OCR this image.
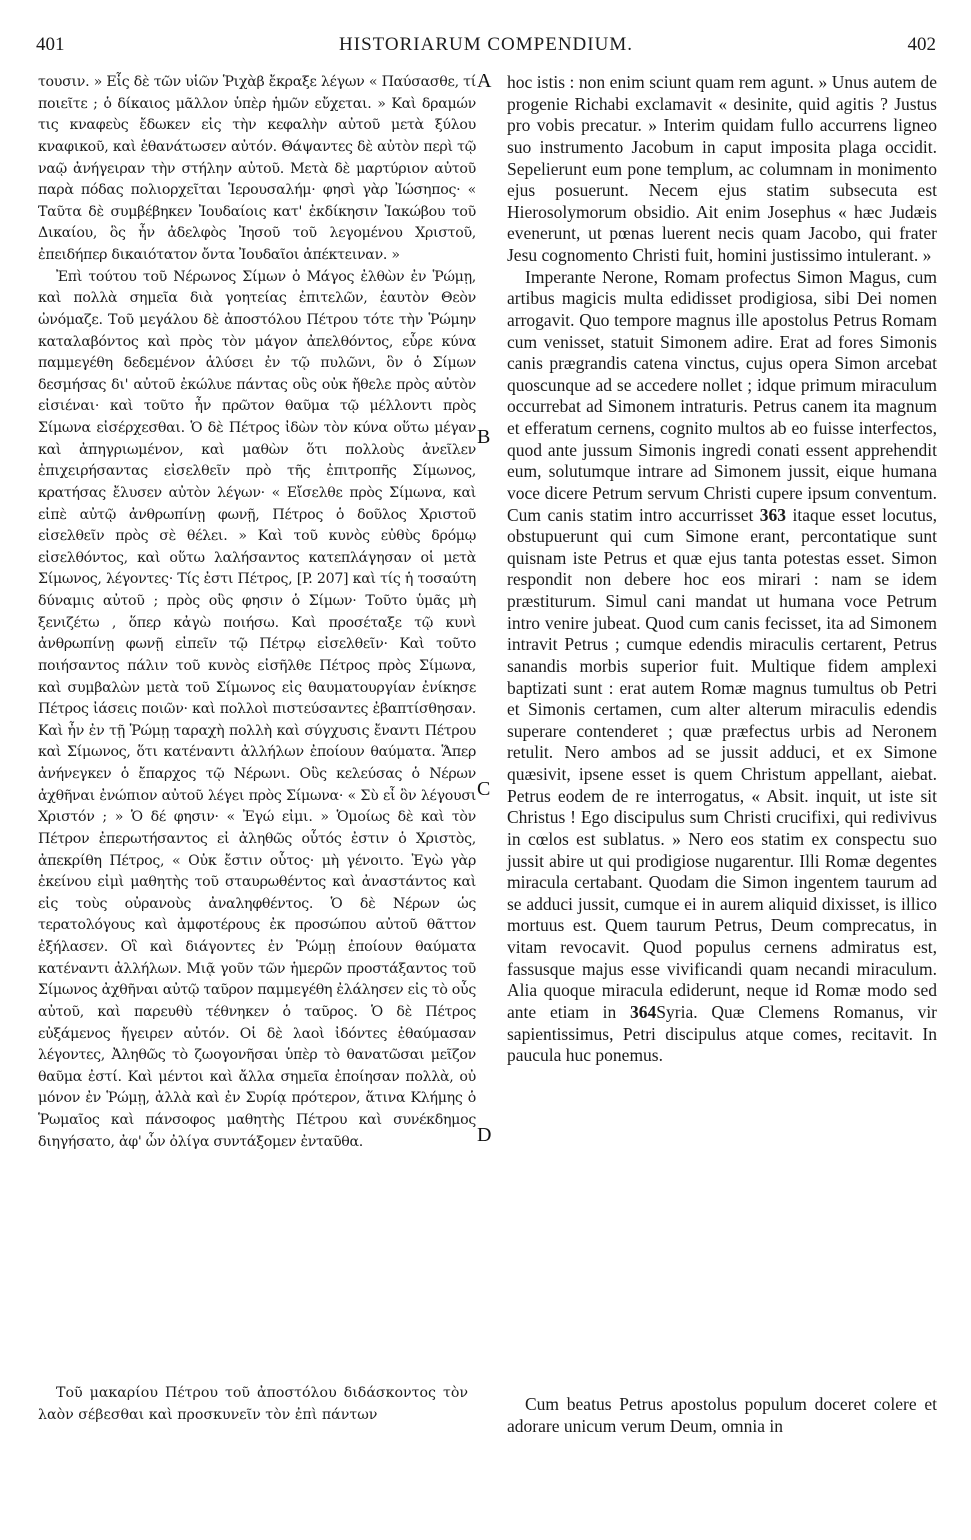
401	HISTORIARUM COMPENDIUM.	402
A
B
C
D

τουσιν. » Εἷς δὲ τῶν υἱῶν Ῥιχὰβ ἔκραξε λέγων « Παύσασθε, τί ποιεῖτε ; ὁ δίκαιος μᾶλλον ὑπὲρ ἡμῶν εὔχεται. » Καὶ δραμών τις κναφεὺς ἔδωκεν εἰς τὴν κεφαλὴν αὐτοῦ μετὰ ξύλου κναφικοῦ, καὶ ἐθανάτωσεν αὐτόν. Θάψαντες δὲ αὐτὸν περὶ τῷ ναῷ ἀνήγειραν τὴν στήλην αὐτοῦ. Μετὰ δὲ μαρτύριον αὐτοῦ παρὰ πόδας πολιορχεῖται Ἱερουσαλήμ· φησὶ γὰρ Ἰώσηπος· « Ταῦτα δὲ συμβέβηκεν Ἰουδαίοις κατ' ἐκδίκησιν Ἰακώβου τοῦ Δικαίου, ὃς ἦν ἀδελφὸς Ἰησοῦ τοῦ λεγομένου Χριστοῦ, ἐπειδήπερ δικαιότατον ὄντα Ἰουδαῖοι ἀπέκτειναν. »

Ἐπὶ τούτου τοῦ Νέρωνος Σίμων ὁ Μάγος ἐλθὼν ἐν Ῥώμῃ, καὶ πολλὰ σημεῖα διὰ γοητείας ἐπιτελῶν, ἑαυτὸν Θεὸν ὠνόμαζε. Τοῦ μεγάλου δὲ ἀποστόλου Πέτρου τότε τὴν Ῥώμην καταλαβόντος καὶ πρὸς τὸν μάγον ἀπελθόντος, εὗρε κύνα παμμεγέθη δεδεμένον ἁλύσει ἐν τῷ πυλῶνι, ὃν ὁ Σίμων δεσμήσας δι' αὐτοῦ ἐκώλυε πάντας οὓς οὐκ ἤθελε πρὸς αὐτὸν εἰσιέναι· καὶ τοῦτο ἦν πρῶτον θαῦμα τῷ μέλλοντι πρὸς Σίμωνα εἰσέρχεσθαι. Ὁ δὲ Πέτρος ἰδὼν τὸν κύνα οὕτω μέγαν καὶ ἀπηγριωμένον, καὶ μαθὼν ὅτι πολλοὺς ἀνεῖλεν ἐπιχειρήσαντας εἰσελθεῖν πρὸ τῆς ἐπιτροπῆς Σίμωνος, κρατήσας ἔλυσεν αὐτὸν λέγων· « Εἴσελθε πρὸς Σίμωνα, καὶ εἰπὲ αὐτῷ ἀνθρωπίνῃ φωνῇ, Πέτρος ὁ δοῦλος Χριστοῦ εἰσελθεῖν πρὸς σὲ θέλει. » Καὶ τοῦ κυνὸς εὐθὺς δρόμῳ εἰσελθόντος, καὶ οὕτω λαλήσαντος κατεπλάγησαν οἱ μετὰ Σίμωνος, λέγοντες· Τίς ἐστι Πέτρος, [P. 207] καὶ τίς ἡ τοσαύτη δύναμις αὐτοῦ ; πρὸς οὓς φησιν ὁ Σίμων· Τοῦτο ὑμᾶς μὴ ξενιζέτω , ὅπερ κἀγὼ ποιήσω. Καὶ προσέταξε τῷ κυνὶ ἀνθρωπίνῃ φωνῇ εἰπεῖν τῷ Πέτρῳ εἰσελθεῖν· Καὶ τοῦτο ποιήσαντος πάλιν τοῦ κυνὸς εἰσῆλθε Πέτρος πρὸς Σίμωνα, καὶ συμβαλὼν μετὰ τοῦ Σίμωνος εἰς θαυματουργίαν ἐνίκησε Πέτρος ἰάσεις ποιῶν· καὶ πολλοὶ πιστεύσαντες ἐβαπτίσθησαν. Καὶ ἦν ἐν τῇ Ῥώμῃ ταραχὴ πολλὴ καὶ σύγχυσις ἔναντι Πέτρου καὶ Σίμωνος, ὅτι κατέναντι ἀλλήλων ἐποίουν θαύματα. Ἅπερ ἀνήνεγκεν ὁ ἔπαρχος τῷ Νέρωνι. Οὓς κελεύσας ὁ Νέρων ἀχθῆναι ἐνώπιον αὐτοῦ λέγει πρὸς Σίμωνα· « Σὺ εἶ ὃν λέγουσι Χριστόν ; » Ὁ δέ φησιν· « Ἐγώ εἰμι. » Ὁμοίως δὲ καὶ τὸν Πέτρον ἐπερωτήσαντος εἰ ἀληθῶς οὗτός ἐστιν ὁ Χριστὸς, ἀπεκρίθη Πέτρος, « Οὐκ ἔστιν οὗτος· μὴ γένοιτο. Ἐγὼ γὰρ ἐκείνου εἰμὶ μαθητὴς τοῦ σταυρωθέντος καὶ ἀναστάντος καὶ εἰς τοὺς οὐρανοὺς ἀναληφθέντος. Ὁ δὲ Νέρων ὡς τερατολόγους καὶ ἀμφοτέρους ἐκ προσώπου αὐτοῦ θᾶττον ἐξήλασεν. Οἳ καὶ διάγοντες ἐν Ῥώμῃ ἐποίουν θαύματα κατέναντι ἀλλήλων. Μιᾷ γοῦν τῶν ἡμερῶν προστάξαντος τοῦ Σίμωνος ἀχθῆναι αὐτῷ ταῦρον παμμεγέθη ἐλάλησεν εἰς τὸ οὖς αὐτοῦ, καὶ παρευθὺ τέθνηκεν ὁ ταῦρος. Ὁ δὲ Πέτρος εὐξάμενος ἤγειρεν αὐτόν. Οἱ δὲ λαοὶ ἰδόντες ἐθαύμασαν λέγοντες, Ἀληθῶς τὸ ζωογονῆσαι ὑπὲρ τὸ θανατῶσαι μεῖζον θαῦμα ἐστί. Καὶ μέντοι καὶ ἄλλα σημεῖα ἐποίησαν πολλὰ, οὐ μόνον ἐν Ῥώμῃ, ἀλλὰ καὶ ἐν Συρίᾳ πρότερον, ἅτινα Κλήμης ὁ Ῥωμαῖος καὶ πάνσοφος μαθητὴς Πέτρου καὶ συνέκδημος διηγήσατο, ἀφ' ὧν ὀλίγα συντάξομεν ἐνταῦθα.

Τοῦ μακαρίου Πέτρου τοῦ ἀποστόλου διδάσκοντος τὸν λαὸν σέβεσθαι καὶ προσκυνεῖν τὸν ἐπὶ πάντων

hoc istis : non enim sciunt quam rem agunt. » Unus autem de progenie Richabi exclamavit « desinite, quid agitis ? Justus pro vobis precatur. » Interim quidam fullo accurrens ligneo suo instrumento Jacobum in caput imposita plaga occidit. Sepelierunt eum pone templum, ac columnam in monimento ejus posuerunt. Necem ejus statim subsecuta est Hierosolymorum obsidio. Ait enim Josephus « hæc Judæis evenerunt, ut pœnas luerent necis quam Jacobo, qui frater Jesu cognomento Christi fuit, homini justissimo intulerant. »

Imperante Nerone, Romam profectus Simon Magus, cum artibus magicis multa edidisset prodigiosa, sibi Dei nomen arrogavit. Quo tempore magnus ille apostolus Petrus Romam cum venisset, statuit Simonem adire. Erat ad fores Simonis canis prægrandis catena vinctus, cujus opera Simon arcebat quoscunque ad se accedere nollet ; idque primum miraculum occurrebat ad Simonem intraturis. Petrus canem ita magnum et efferatum cernens, cognito multos ab eo fuisse interfectos, quod ante jussum Simonis ingredi conati essent apprehendit eum, solutumque intrare ad Simonem jussit, eique humana voce dicere Petrum servum Christi cupere ipsum conventum. Cum canis statim intro accurrisset 363 itaque esset locutus, obstupuerunt qui cum Simone erant, percontatique sunt quisnam iste Petrus et quæ ejus tanta potestas esset. Simon respondit non debere hoc eos mirari : nam se idem præstiturum. Simul cani mandat ut humana voce Petrum intro venire jubeat. Quod cum canis fecisset, ita ad Simonem intravit Petrus ; cumque edendis miraculis certarent, Petrus sanandis morbis superior fuit. Multique fidem amplexi baptizati sunt : erat autem Romæ magnus tumultus ob Petri et Simonis certamen, cum alter alterum miraculis edendis superare contenderet ; quæ præfectus urbis ad Neronem retulit. Nero ambos ad se jussit adduci, et ex Simone quæsivit, ipsene esset is quem Christum appellant, aiebat. Petrus eodem de re interrogatus, « Absit. inquit, ut iste sit Christus ! Ego discipulus sum Christi crucifixi, qui redivivus in cœlos est sublatus. » Nero eos statim ex conspectu suo jussit abire ut qui prodigiose nugarentur. Illi Romæ degentes miracula certabant. Quodam die Simon ingentem taurum ad se adduci jussit, cumque ei in aurem aliquid dixisset, is illico mortuus est. Quem taurum Petrus, Deum comprecatus, in vitam revocavit. Quod populus cernens admiratus est, fassusque majus esse vivificandi quam necandi miraculum. Alia quoque miracula ediderunt, neque id Romæ modo sed ante etiam in 364Syria. Quæ Clemens Romanus, vir sapientissimus, Petri discipulus atque comes, recitavit. In paucula huc ponemus.

Cum beatus Petrus apostolus populum doceret colere et adorare unicum verum Deum, omnia in
